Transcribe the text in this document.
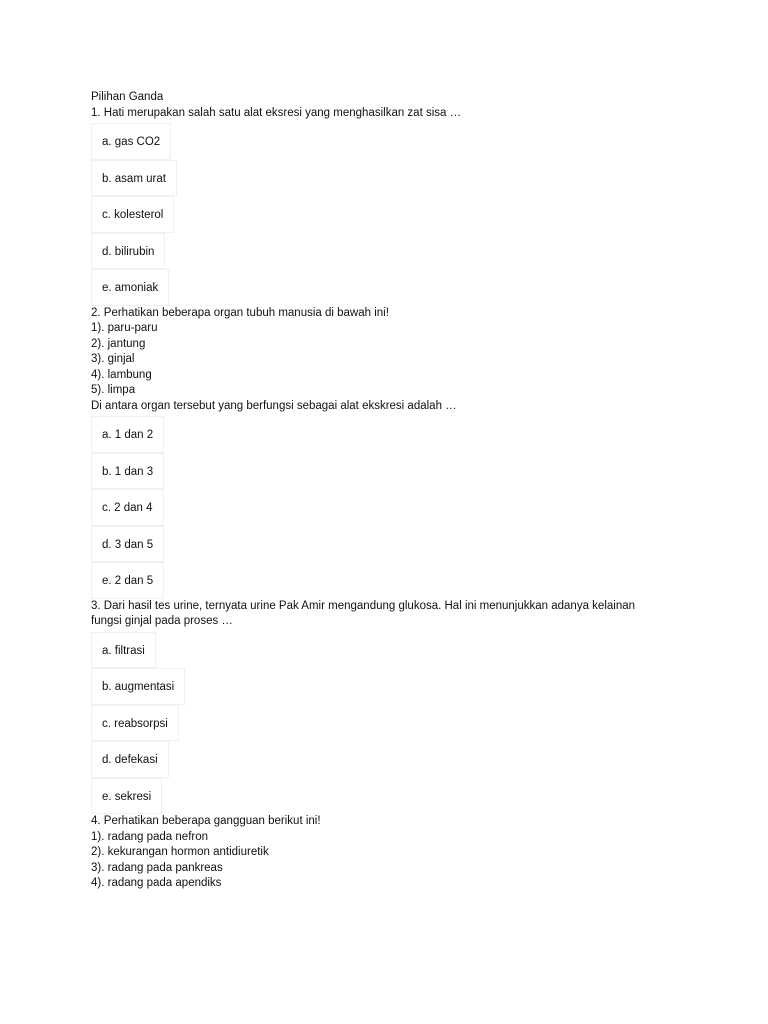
Pilihan Ganda
1. Hati merupakan salah satu alat eksresi yang menghasilkan zat sisa …
a. gas CO2
b. asam urat
c. kolesterol
d. bilirubin
e. amoniak
2. Perhatikan beberapa organ tubuh manusia di bawah ini!
1). paru-paru
2). jantung
3). ginjal
4). lambung
5). limpa
Di antara organ tersebut yang berfungsi sebagai alat ekskresi adalah …
a. 1 dan 2
b. 1 dan 3
c. 2 dan 4
d. 3 dan 5
e. 2 dan 5
3. Dari hasil tes urine, ternyata urine Pak Amir mengandung glukosa. Hal ini menunjukkan adanya kelainan fungsi ginjal pada proses …
a. filtrasi
b. augmentasi
c. reabsorpsi
d. defekasi
e. sekresi
4. Perhatikan beberapa gangguan berikut ini!
1). radang pada nefron
2). kekurangan hormon antidiuretik
3). radang pada pankreas
4). radang pada apendiks
